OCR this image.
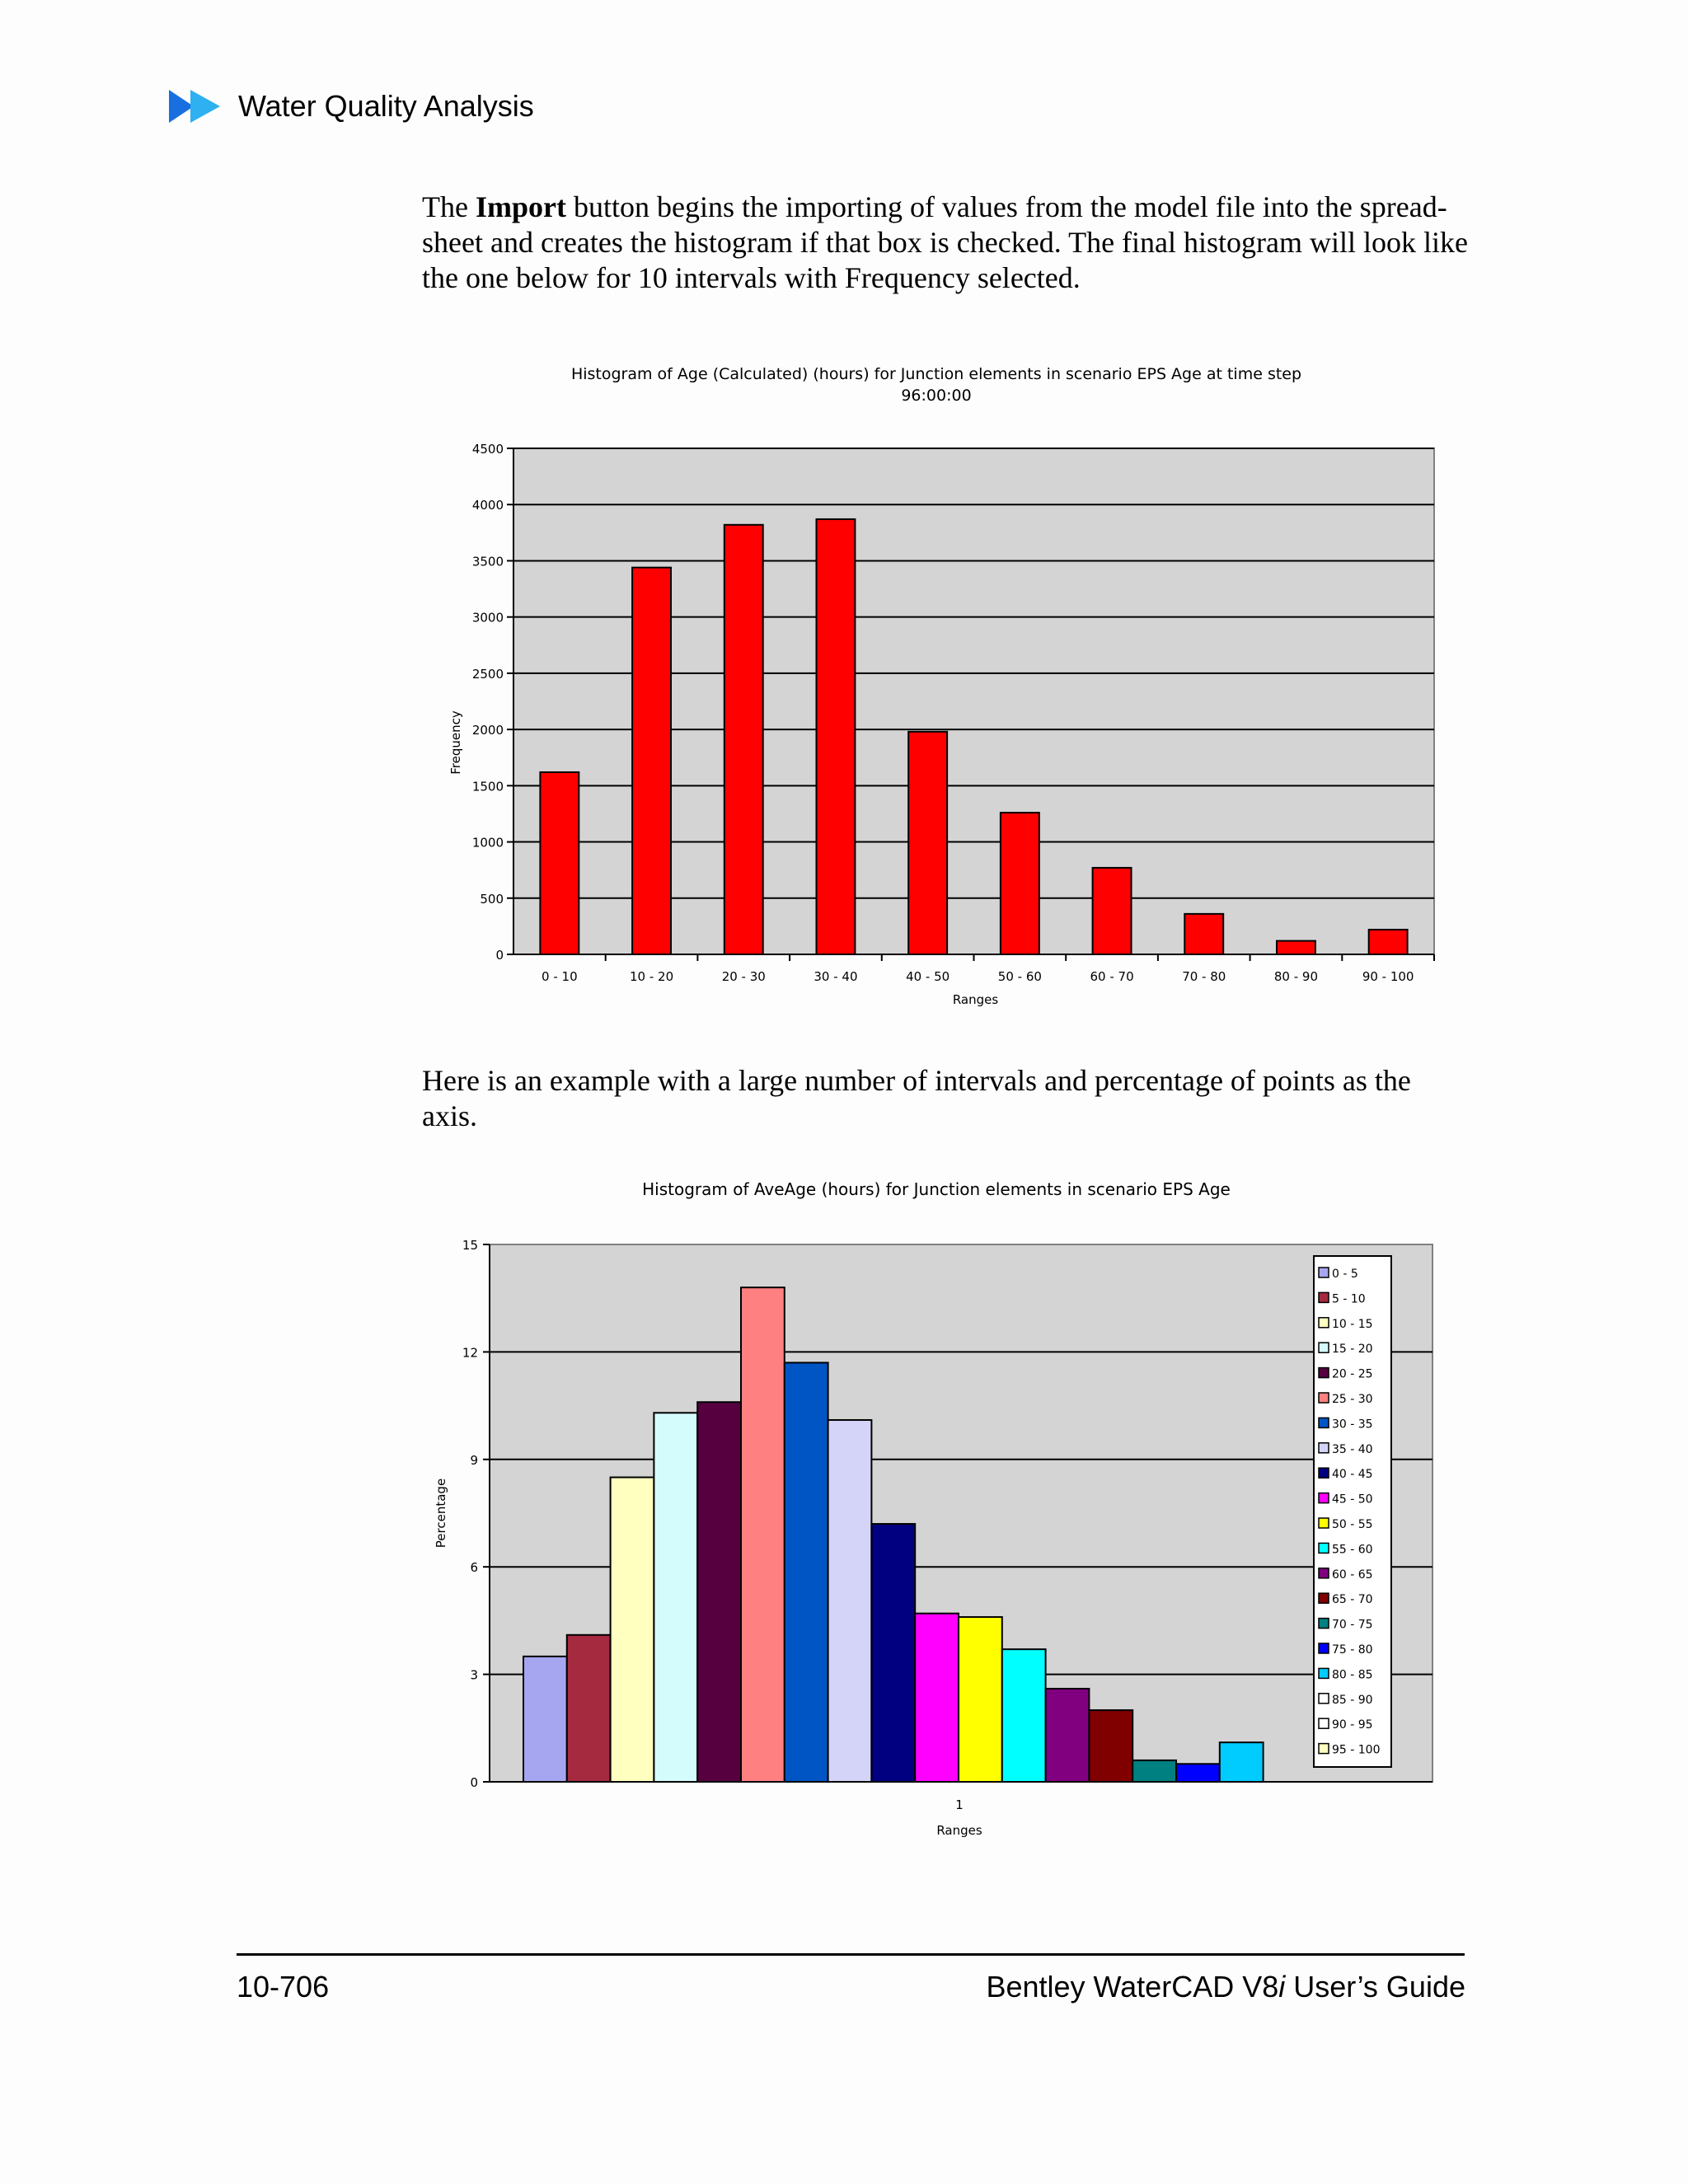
Water Quality Analysis
The Import button begins the importing of values from the model file into the spread-sheet and creates the histogram if that box is checked. The final histogram will look like the one below for 10 intervals with Frequency selected.
Histogram of Age (Calculated) (hours) for Junction elements in scenario EPS Age at time step
96:00:00
0
500
1000
1500
2000
2500
3000
3500
4000
4500
0 - 10	10 - 20	20 - 30	30 - 40	40 - 50	50 - 60	60 - 70	70 - 80	80 - 90	90 - 100
Ranges
Frequency
Here is an example with a large number of intervals and percentage of points as the axis.
Histogram of AveAge (hours) for Junction elements in scenario EPS Age
0
3
6
9
12
15
1
Ranges
Percentage
0 - 5
5 - 10
10 - 15
15 - 20
20 - 25
25 - 30
30 - 35
35 - 40
40 - 45
45 - 50
50 - 55
55 - 60
60 - 65
65 - 70
70 - 75
75 - 80
80 - 85
85 - 90
90 - 95
95 - 100
10-706	Bentley WaterCAD V8i User’s Guide
